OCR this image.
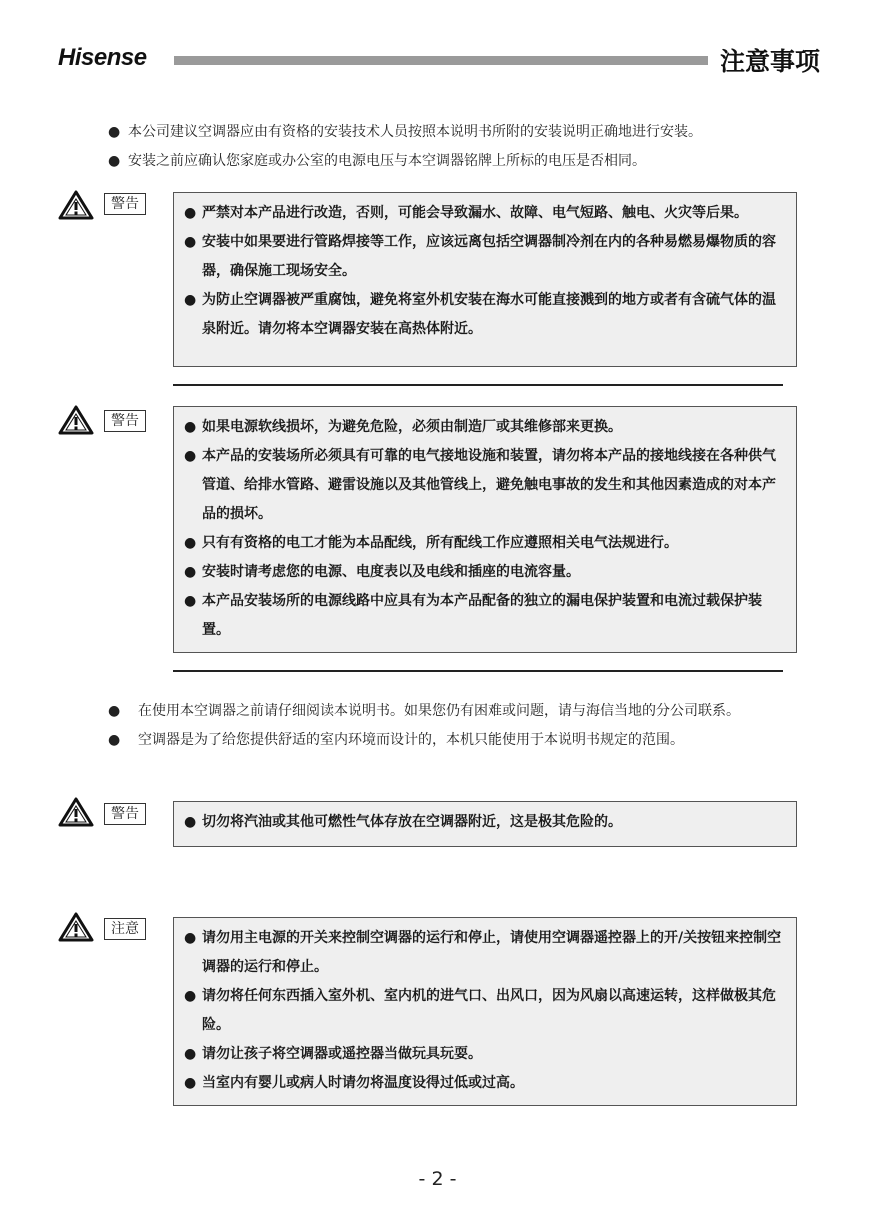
Hisense	注意事项
● 本公司建议空调器应由有资格的安装技术人员按照本说明书所附的安装说明正确地进行安装。
● 安装之前应确认您家庭或办公室的电源电压与本空调器铭牌上所标的电压是否相同。
警告
● 严禁对本产品进行改造，否则，可能会导致漏水、故障、电气短路、触电、火灾等后果。
● 安装中如果要进行管路焊接等工作，应该远离包括空调器制冷剂在内的各种易燃易爆物质的容器，确保施工现场安全。
● 为防止空调器被严重腐蚀，避免将室外机安装在海水可能直接溅到的地方或者有含硫气体的温泉附近。请勿将本空调器安装在高热体附近。
警告	● 如果电源软线损坏，为避免危险，必须由制造厂或其维修部来更换。
● 本产品的安装场所必须具有可靠的电气接地设施和装置，请勿将本产品的接地线接在各种供气管道、给排水管路、避雷设施以及其他管线上，避免触电事故的发生和其他因素造成的对本产品的损坏。
● 只有有资格的电工才能为本品配线，所有配线工作应遵照相关电气法规进行。
● 安装时请考虑您的电源、电度表以及电线和插座的电流容量。
● 本产品安装场所的电源线路中应具有为本产品配备的独立的漏电保护装置和电流过载保护装置。
● 在使用本空调器之前请仔细阅读本说明书。如果您仍有困难或问题，请与海信当地的分公司联系。
● 空调器是为了给您提供舒适的室内环境而设计的，本机只能使用于本说明书规定的范围。
警告	● 切勿将汽油或其他可燃性气体存放在空调器附近，这是极其危险的。
注意
● 请勿用主电源的开关来控制空调器的运行和停止，请使用空调器遥控器上的开/关按钮来控制空调器的运行和停止。
● 请勿将任何东西插入室外机、室内机的进气口、出风口，因为风扇以高速运转，这样做极其危险。
● 请勿让孩子将空调器或遥控器当做玩具玩耍。
● 当室内有婴儿或病人时请勿将温度设得过低或过高。
- 2 -
